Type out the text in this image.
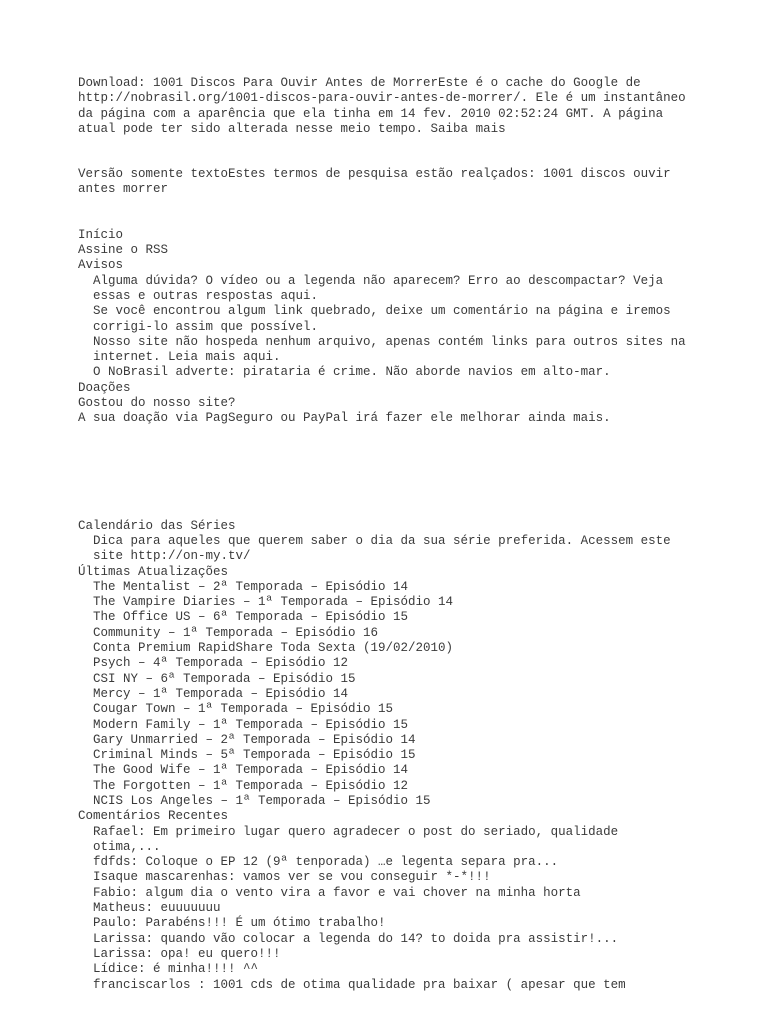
Download: 1001 Discos Para Ouvir Antes de MorrerEste é o cache do Google de http://nobrasil.org/1001-discos-para-ouvir-antes-de-morrer/. Ele é um instantâneo da página com a aparência que ela tinha em 14 fev. 2010 02:52:24 GMT. A página atual pode ter sido alterada nesse meio tempo. Saiba mais
Versão somente textoEstes termos de pesquisa estão realçados: 1001 discos ouvir antes morrer
Início
Assine o RSS
Avisos
Alguma dúvida? O vídeo ou a legenda não aparecem? Erro ao descompactar? Veja essas e outras respostas aqui.
Se você encontrou algum link quebrado, deixe um comentário na página e iremos corrigi-lo assim que possível.
Nosso site não hospeda nenhum arquivo, apenas contém links para outros sites na internet. Leia mais aqui.
O NoBrasil adverte: pirataria é crime. Não aborde navios em alto-mar.
Doações
Gostou do nosso site?
A sua doação via PagSeguro ou PayPal irá fazer ele melhorar ainda mais.
Calendário das Séries
Dica para aqueles que querem saber o dia da sua série preferida. Acessem este site http://on-my.tv/
Últimas Atualizações
The Mentalist – 2ª Temporada – Episódio 14
The Vampire Diaries – 1ª Temporada – Episódio 14
The Office US – 6ª Temporada – Episódio 15
Community – 1ª Temporada – Episódio 16
Conta Premium RapidShare Toda Sexta (19/02/2010)
Psych – 4ª Temporada – Episódio 12
CSI NY – 6ª Temporada – Episódio 15
Mercy – 1ª Temporada – Episódio 14
Cougar Town – 1ª Temporada – Episódio 15
Modern Family – 1ª Temporada – Episódio 15
Gary Unmarried – 2ª Temporada – Episódio 14
Criminal Minds – 5ª Temporada – Episódio 15
The Good Wife – 1ª Temporada – Episódio 14
The Forgotten – 1ª Temporada – Episódio 12
NCIS Los Angeles – 1ª Temporada – Episódio 15
Comentários Recentes
Rafael: Em primeiro lugar quero agradecer o post do seriado, qualidade otima,...
fdfds: Coloque o EP 12 (9ª tenporada) …e legenta separa pra...
Isaque mascarenhas: vamos ver se vou conseguir *-*!!!
Fabio: algum dia o vento vira a favor e vai chover na minha horta
Matheus: euuuuuuu
Paulo: Parabéns!!! É um ótimo trabalho!
Larissa: quando vão colocar a legenda do 14? to doida pra assistir!...
Larissa: opa! eu quero!!!
Lídice: é minha!!!! ^^
franciscarlos : 1001 cds de otima qualidade pra baixar ( apesar que tem
